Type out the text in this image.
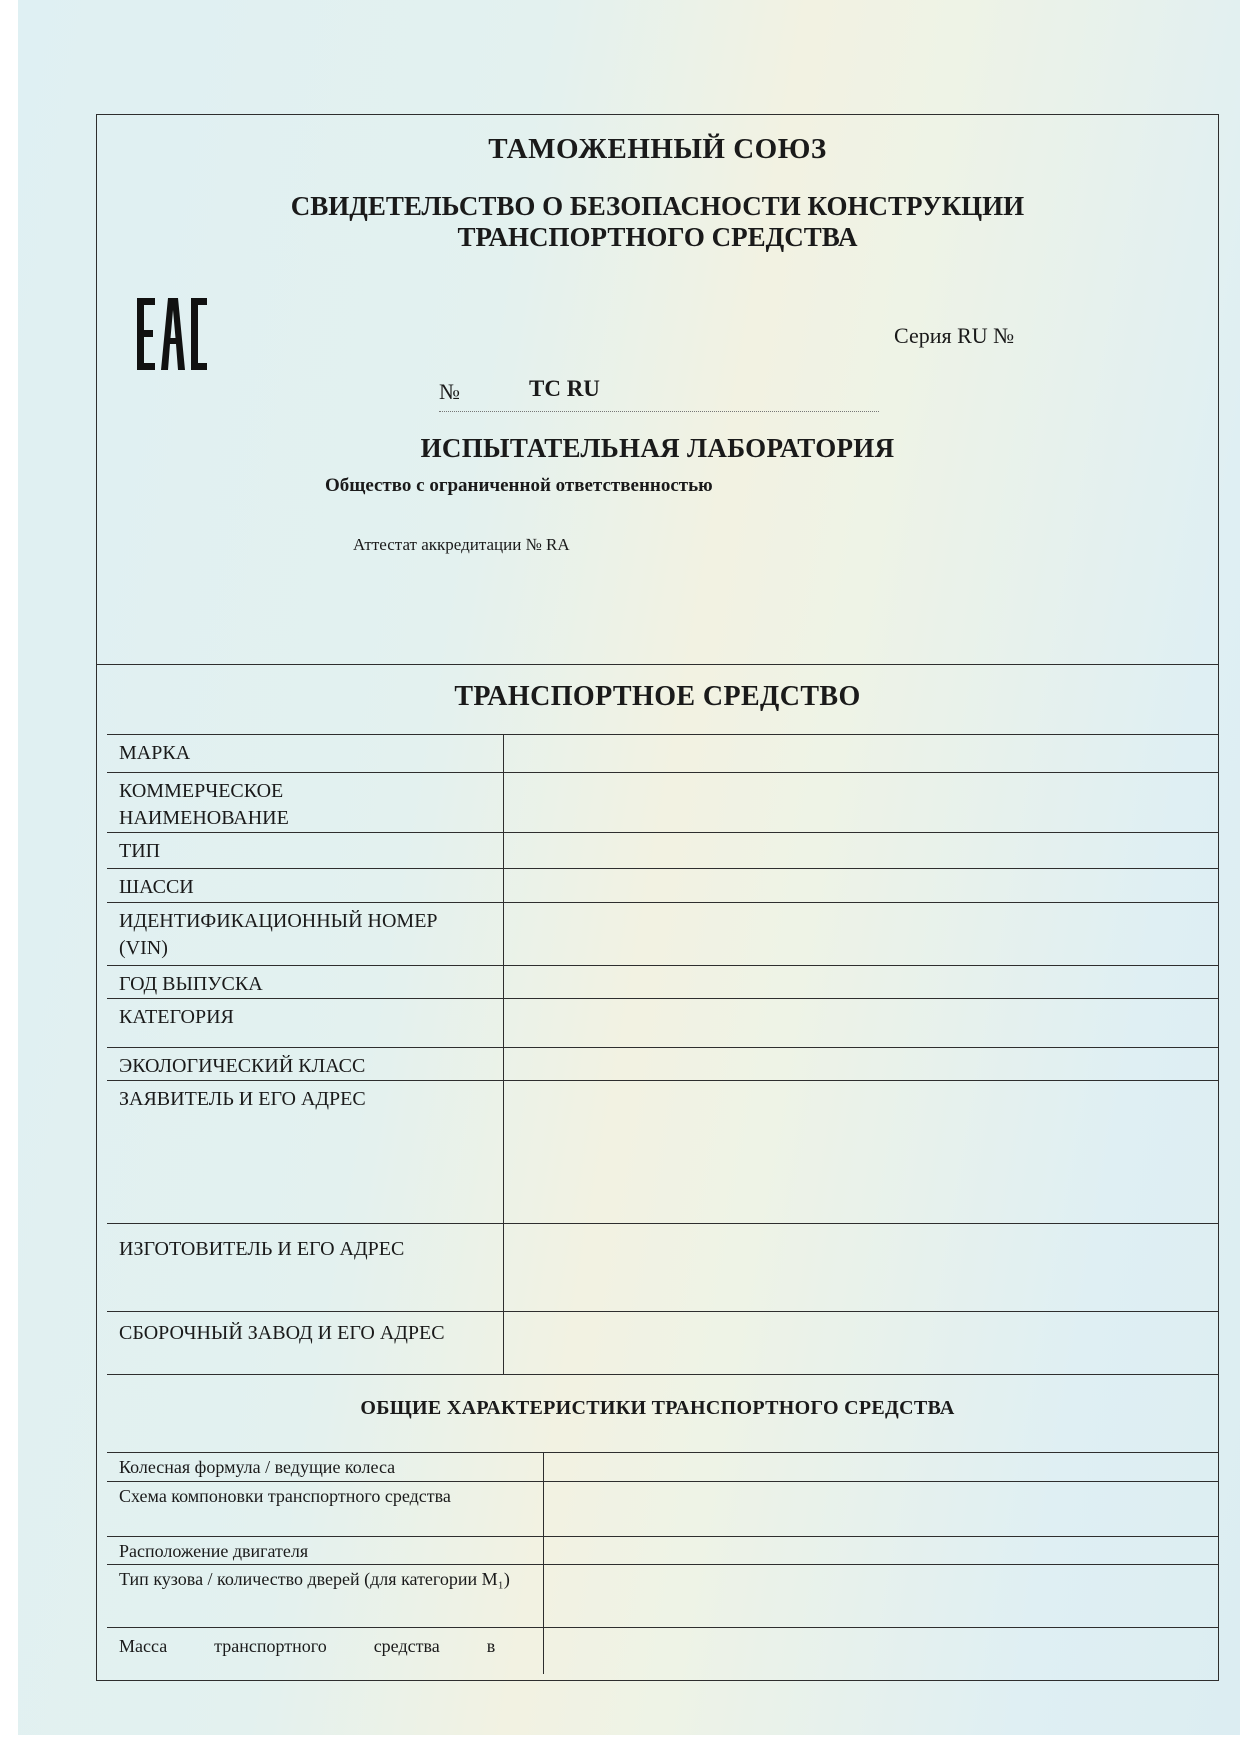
ТАМОЖЕННЫЙ СОЮЗ
СВИДЕТЕЛЬСТВО О БЕЗОПАСНОСТИ КОНСТРУКЦИИ
ТРАНСПОРТНОГО СРЕДСТВА
Серия RU №
№	ТС RU
ИСПЫТАТЕЛЬНАЯ ЛАБОРАТОРИЯ
Общество с ограниченной ответственностью
Аттестат аккредитации № RA
ТРАНСПОРТНОЕ СРЕДСТВО
МАРКА	
КОММЕРЧЕСКОЕ НАИМЕНОВАНИЕ	
ТИП	
ШАССИ	
ИДЕНТИФИКАЦИОННЫЙ НОМЕР (VIN)	
ГОД ВЫПУСКА	
КАТЕГОРИЯ	
ЭКОЛОГИЧЕСКИЙ КЛАСС	
ЗАЯВИТЕЛЬ И ЕГО АДРЕС	
ИЗГОТОВИТЕЛЬ И ЕГО АДРЕС	
СБОРОЧНЫЙ ЗАВОД И ЕГО АДРЕС	

ОБЩИЕ ХАРАКТЕРИСТИКИ ТРАНСПОРТНОГО СРЕДСТВА
Колесная формула / ведущие колеса	
Схема компоновки транспортного средства	
Расположение двигателя	
Тип кузова / количество дверей (для категории М₁)	
Масса транспортного средства в	
